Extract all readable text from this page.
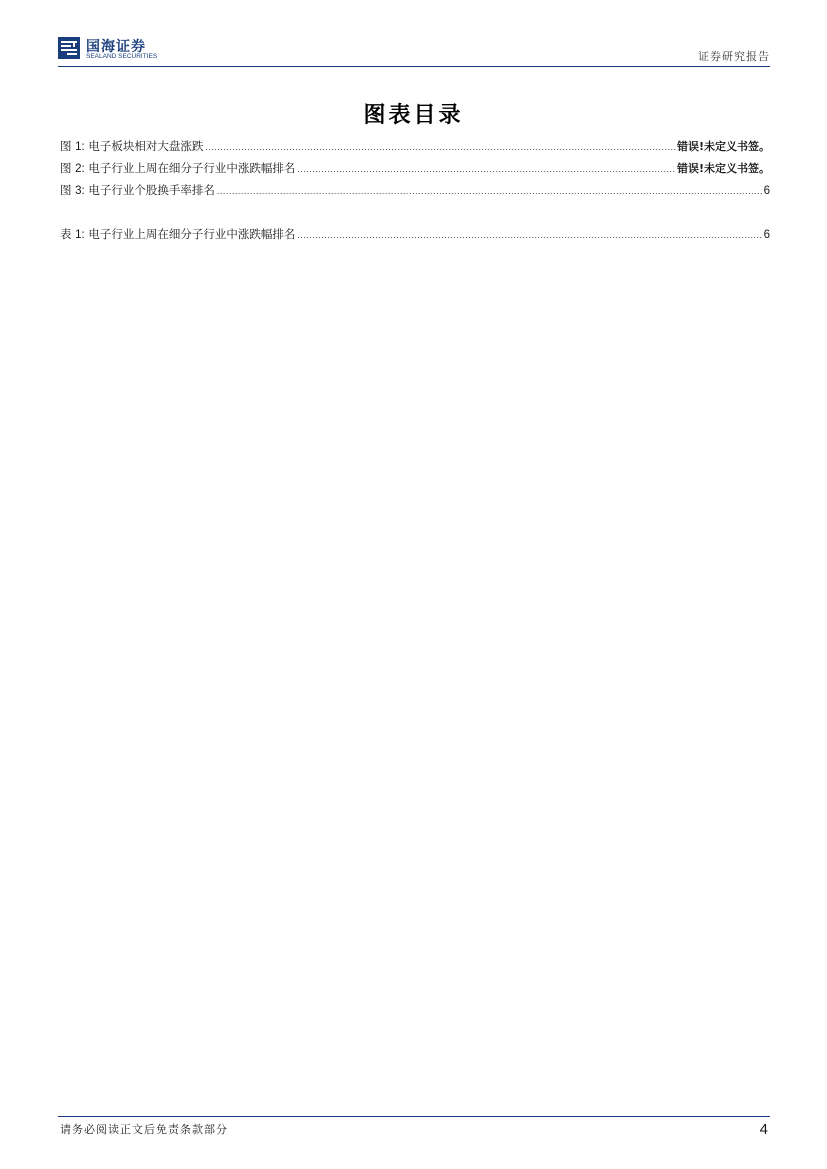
国海证券
SEALAND SECURITIES	证券研究报告
图表目录
图 1: 电子板块相对大盘涨跌 .....	错误!未定义书签。
图 2: 电子行业上周在细分子行业中涨跌幅排名 .....	错误!未定义书签。
图 3: 电子行业个股换手率排名 .....	6
表 1: 电子行业上周在细分子行业中涨跌幅排名 .....	6
请务必阅读正文后免责条款部分	4
